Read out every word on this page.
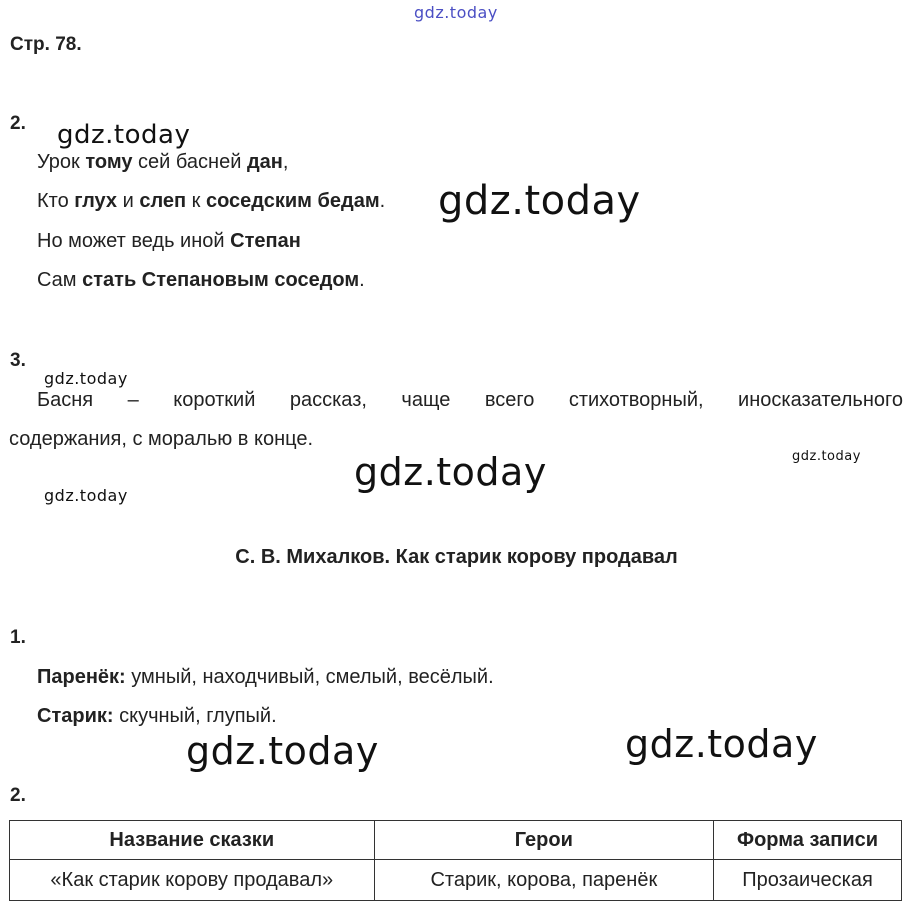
gdz.today
gdz.today
gdz.today
gdz.today
gdz.today	gdz.today
gdz.today
gdz.today	gdz.today
Стр. 78.
2.
Урок тому сей басней дан,
Кто глух и слеп к соседским бедам.
Но может ведь иной Степан
Сам стать Степановым соседом.
3.
Басня – короткий рассказ, чаще всего стихотворный, иносказательного
содержания, с моралью в конце.
С. В. Михалков. Как старик корову продавал
1.
Паренёк: умный, находчивый, смелый, весёлый.
Старик: скучный, глупый.
2.
Название сказки	Герои	Форма записи
«Как старик корову продавал»	Старик, корова, паренёк	Прозаическая
